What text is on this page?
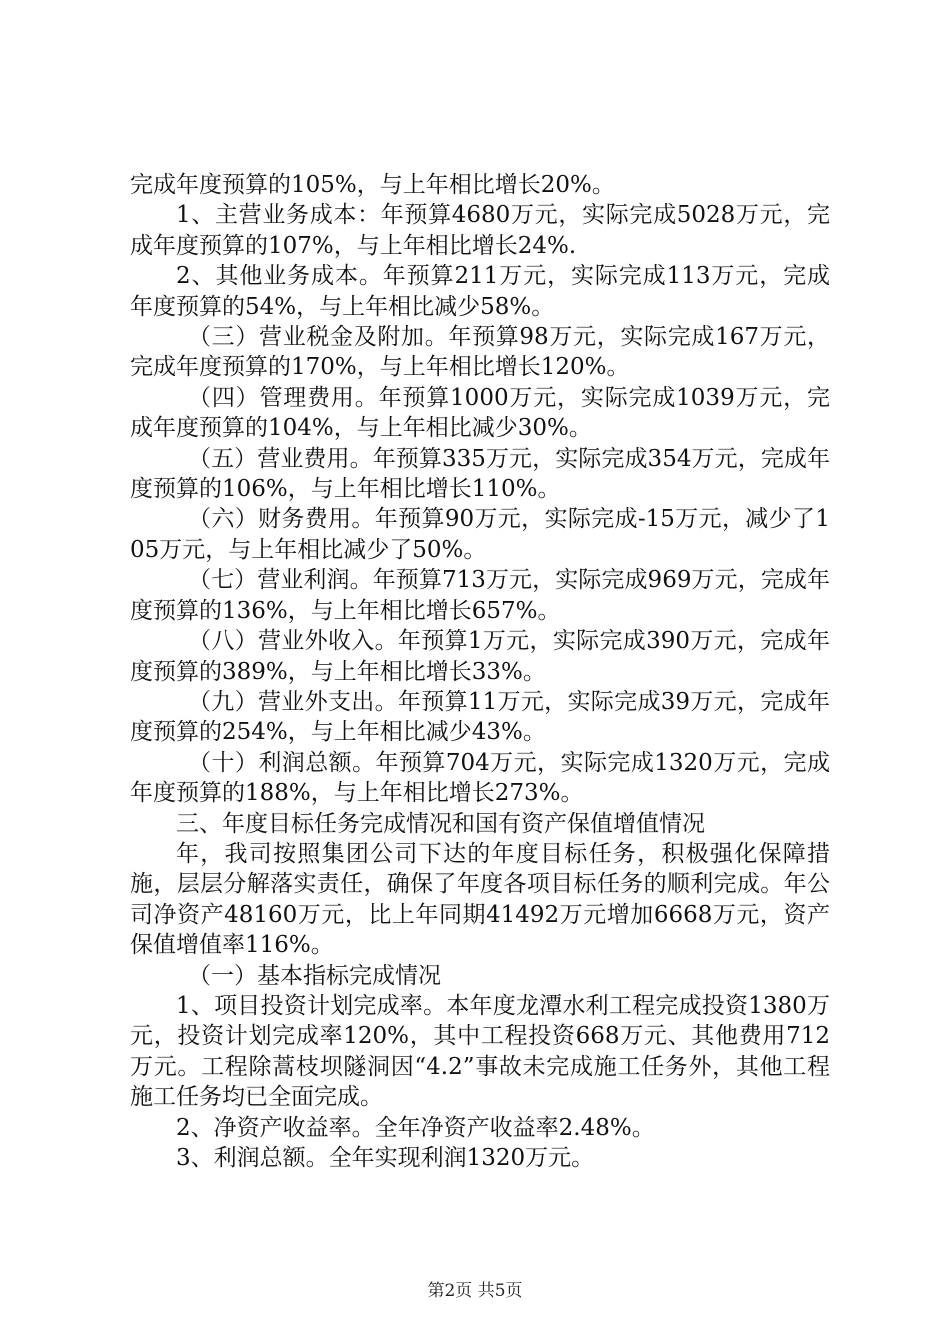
完成年度预算的105%，与上年相比增长20%。

1、主营业务成本：年预算4680万元，实际完成5028万元，完成年度预算的107%，与上年相比增长24%.

2、其他业务成本。年预算211万元，实际完成113万元，完成年度预算的54%，与上年相比减少58%。

（三）营业税金及附加。年预算98万元，实际完成167万元，完成年度预算的170%，与上年相比增长120%。

（四）管理费用。年预算1000万元，实际完成1039万元，完成年度预算的104%，与上年相比减少30%。

（五）营业费用。年预算335万元，实际完成354万元，完成年度预算的106%，与上年相比增长110%。

（六）财务费用。年预算90万元，实际完成-15万元，减少了105万元，与上年相比减少了50%。

（七）营业利润。年预算713万元，实际完成969万元，完成年度预算的136%，与上年相比增长657%。

（八）营业外收入。年预算1万元，实际完成390万元，完成年度预算的389%，与上年相比增长33%。

（九）营业外支出。年预算11万元，实际完成39万元，完成年度预算的254%，与上年相比减少43%。

（十）利润总额。年预算704万元，实际完成1320万元，完成年度预算的188%，与上年相比增长273%。

三、年度目标任务完成情况和国有资产保值增值情况

年，我司按照集团公司下达的年度目标任务，积极强化保障措施，层层分解落实责任，确保了年度各项目标任务的顺利完成。年公司净资产48160万元，比上年同期41492万元增加6668万元，资产保值增值率116%。

（一）基本指标完成情况

1、项目投资计划完成率。本年度龙潭水利工程完成投资1380万元，投资计划完成率120%，其中工程投资668万元、其他费用712万元。工程除蒿枝坝隧洞因“4.2”事故未完成施工任务外，其他工程施工任务均已全面完成。

2、净资产收益率。全年净资产收益率2.48%。

3、利润总额。全年实现利润1320万元。

第2页 共5页
